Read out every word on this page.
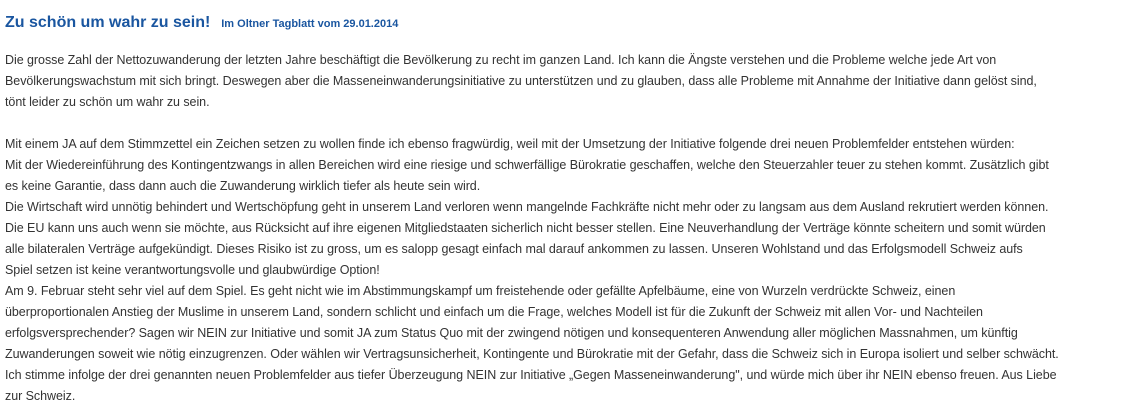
Zu schön um wahr zu sein! Im Oltner Tagblatt vom 29.01.2014

Die grosse Zahl der Nettozuwanderung der letzten Jahre beschäftigt die Bevölkerung zu recht im ganzen Land. Ich kann die Ängste verstehen und die Probleme welche jede Art von
Bevölkerungswachstum mit sich bringt. Deswegen aber die Masseneinwanderungsinitiative zu unterstützen und zu glauben, dass alle Probleme mit Annahme der Initiative dann gelöst sind,
tönt leider zu schön um wahr zu sein.

Mit einem JA auf dem Stimmzettel ein Zeichen setzen zu wollen finde ich ebenso fragwürdig, weil mit der Umsetzung der Initiative folgende drei neuen Problemfelder entstehen würden:
Mit der Wiedereinführung des Kontingentzwangs in allen Bereichen wird eine riesige und schwerfällige Bürokratie geschaffen, welche den Steuerzahler teuer zu stehen kommt. Zusätzlich gibt
es keine Garantie, dass dann auch die Zuwanderung wirklich tiefer als heute sein wird.
Die Wirtschaft wird unnötig behindert und Wertschöpfung geht in unserem Land verloren wenn mangelnde Fachkräfte nicht mehr oder zu langsam aus dem Ausland rekrutiert werden können.
Die EU kann uns auch wenn sie möchte, aus Rücksicht auf ihre eigenen Mitgliedstaaten sicherlich nicht besser stellen. Eine Neuverhandlung der Verträge könnte scheitern und somit würden
alle bilateralen Verträge aufgekündigt. Dieses Risiko ist zu gross, um es salopp gesagt einfach mal darauf ankommen zu lassen. Unseren Wohlstand und das Erfolgsmodell Schweiz aufs
Spiel setzen ist keine verantwortungsvolle und glaubwürdige Option!
Am 9. Februar steht sehr viel auf dem Spiel. Es geht nicht wie im Abstimmungskampf um freistehende oder gefällte Apfelbäume, eine von Wurzeln verdrückte Schweiz, einen
überproportionalen Anstieg der Muslime in unserem Land, sondern schlicht und einfach um die Frage, welches Modell ist für die Zukunft der Schweiz mit allen Vor- und Nachteilen
erfolgsversprechender? Sagen wir NEIN zur Initiative und somit JA zum Status Quo mit der zwingend nötigen und konsequenteren Anwendung aller möglichen Massnahmen, um künftig
Zuwanderungen soweit wie nötig einzugrenzen. Oder wählen wir Vertragsunsicherheit, Kontingente und Bürokratie mit der Gefahr, dass die Schweiz sich in Europa isoliert und selber schwächt.
Ich stimme infolge der drei genannten neuen Problemfelder aus tiefer Überzeugung NEIN zur Initiative „Gegen Masseneinwanderung", und würde mich über ihr NEIN ebenso freuen. Aus Liebe
zur Schweiz.
